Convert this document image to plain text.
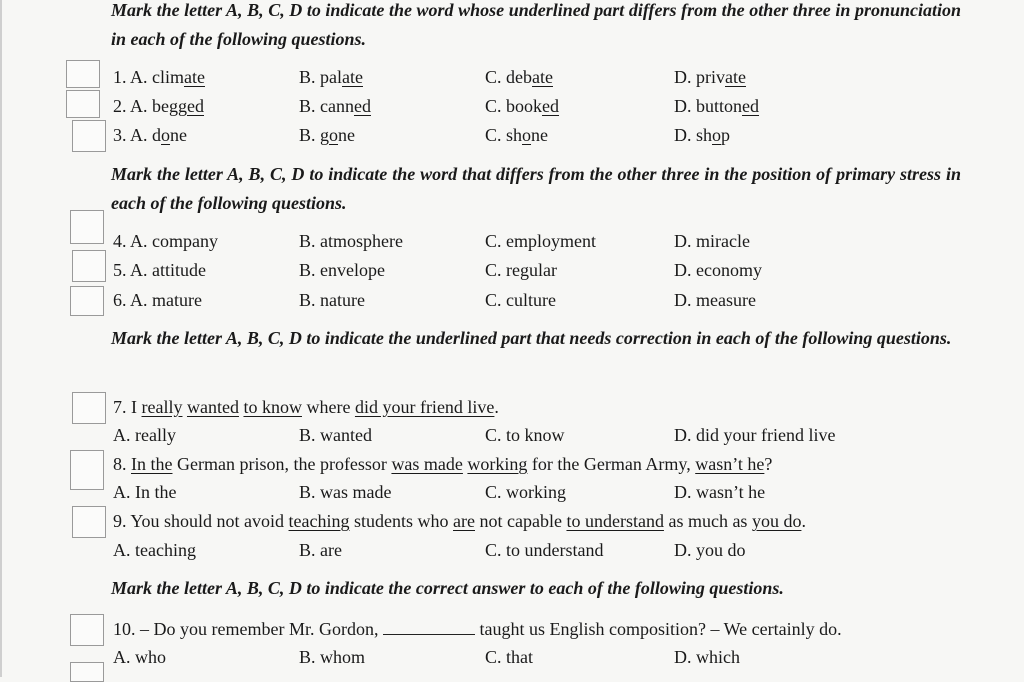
Mark the letter A, B, C, D to indicate the word whose underlined part differs from the other three in pronunciation in each of the following questions.
1. A. climate	B. palate	C. debate	D. private
2. A. begged	B. canned	C. booked	D. buttoned
3. A. done	B. gone	C. shone	D. shop
Mark the letter A, B, C, D to indicate the word that differs from the other three in the position of primary stress in each of the following questions.
4. A. company	B. atmosphere	C. employment	D. miracle
5. A. attitude	B. envelope	C. regular	D. economy
6. A. mature	B. nature	C. culture	D. measure
Mark the letter A, B, C, D to indicate the underlined part that needs correction in each of the following questions.
7. I really wanted to know where did your friend live.
A. really	B. wanted	C. to know	D. did your friend live
8. In the German prison, the professor was made working for the German Army, wasn’t he?
A. In the	B. was made	C. working	D. wasn’t he
9. You should not avoid teaching students who are not capable to understand as much as you do.
A. teaching	B. are	C. to understand	D. you do
Mark the letter A, B, C, D to indicate the correct answer to each of the following questions.
10. – Do you remember Mr. Gordon,	taught us English composition? – We certainly do.
A. who	B. whom	C. that	D. which
